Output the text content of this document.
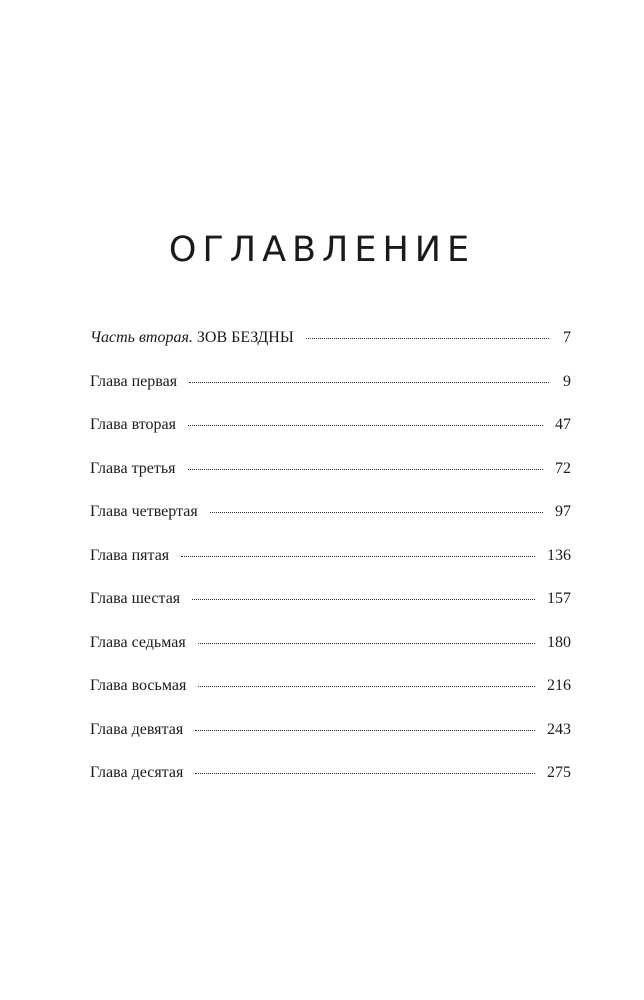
ОГЛАВЛЕНИЕ
Часть вторая. ЗОВ БЕЗДНЫ	7
Глава первая	9
Глава вторая	47
Глава третья	72
Глава четвертая	97
Глава пятая	136
Глава шестая	157
Глава седьмая	180
Глава восьмая	216
Глава девятая	243
Глава десятая	275
